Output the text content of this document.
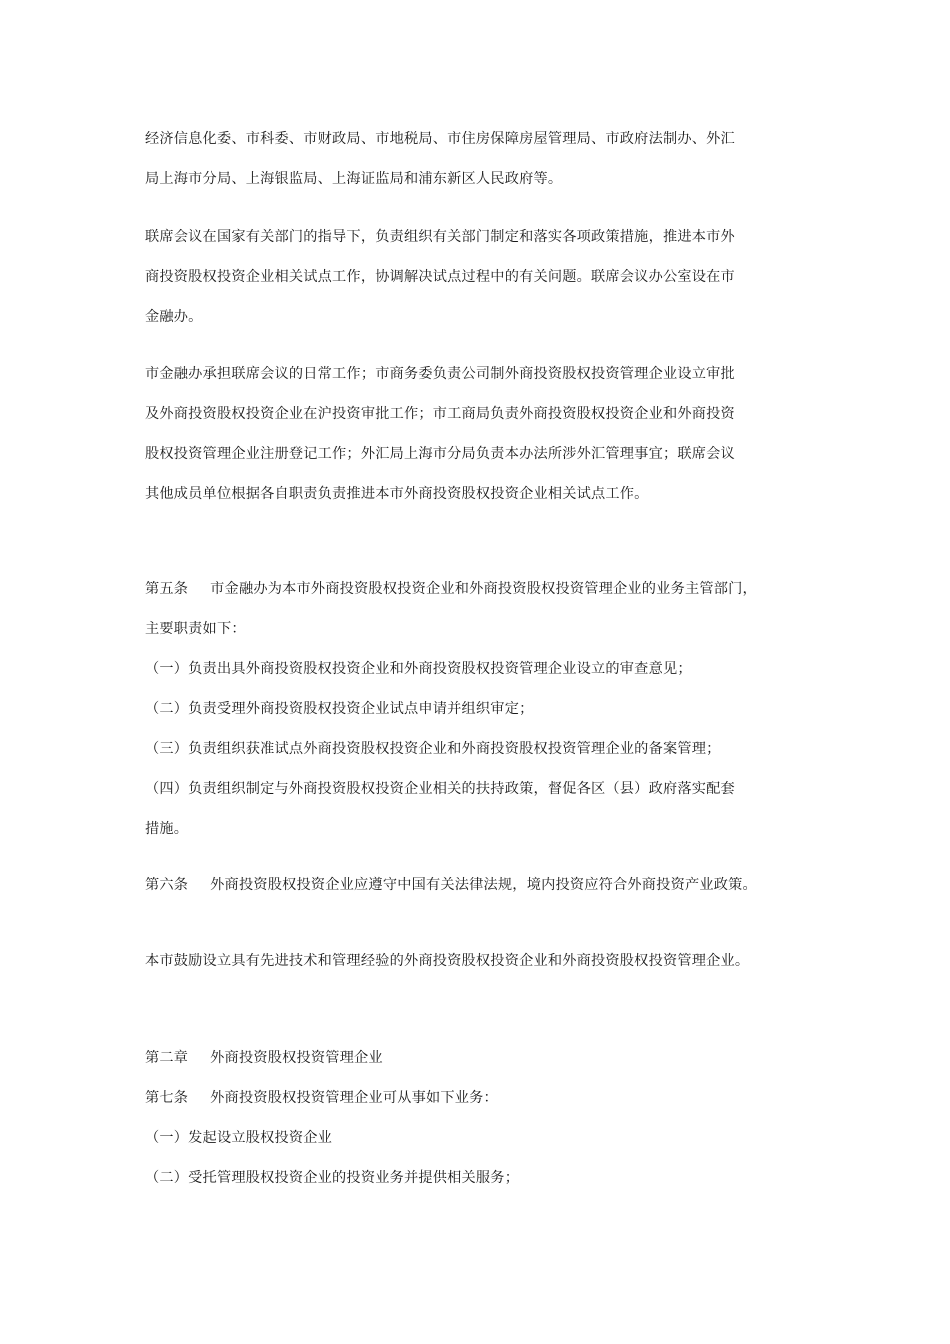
经济信息化委、市科委、市财政局、市地税局、市住房保障房屋管理局、市政府法制办、外汇
局上海市分局、上海银监局、上海证监局和浦东新区人民政府等。
联席会议在国家有关部门的指导下，负责组织有关部门制定和落实各项政策措施，推进本市外
商投资股权投资企业相关试点工作，协调解决试点过程中的有关问题。联席会议办公室设在市
金融办。
市金融办承担联席会议的日常工作；市商务委负责公司制外商投资股权投资管理企业设立审批
及外商投资股权投资企业在沪投资审批工作；市工商局负责外商投资股权投资企业和外商投资
股权投资管理企业注册登记工作；外汇局上海市分局负责本办法所涉外汇管理事宜；联席会议
其他成员单位根据各自职责负责推进本市外商投资股权投资企业相关试点工作。
第五条 市金融办为本市外商投资股权投资企业和外商投资股权投资管理企业的业务主管部门，
主要职责如下：
（一）负责出具外商投资股权投资企业和外商投资股权投资管理企业设立的审查意见；
（二）负责受理外商投资股权投资企业试点申请并组织审定；
（三）负责组织获准试点外商投资股权投资企业和外商投资股权投资管理企业的备案管理；
（四）负责组织制定与外商投资股权投资企业相关的扶持政策，督促各区（县）政府落实配套
措施。
第六条 外商投资股权投资企业应遵守中国有关法律法规，境内投资应符合外商投资产业政策。
本市鼓励设立具有先进技术和管理经验的外商投资股权投资企业和外商投资股权投资管理企业。
第二章 外商投资股权投资管理企业
第七条 外商投资股权投资管理企业可从事如下业务：
（一）发起设立股权投资企业
（二）受托管理股权投资企业的投资业务并提供相关服务；
